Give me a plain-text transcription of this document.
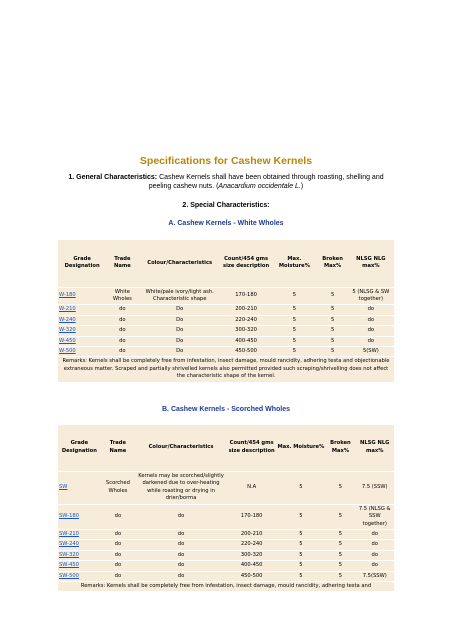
Specifications for Cashew Kernels

1. General Characteristics: Cashew Kernels shall have been obtained through roasting, shelling and peeling cashew nuts. (Anacardium occidentale L.)

2. Special Characteristics:
A. Cashew Kernels - White Wholes
Grade Designation	Trade Name	Colour/Characteristics	Count/454 gms size description	Max. Moisture%	Broken Max%	NLSG NLG max%
W-180	White Wholes	White/pale ivory/light ash. Characteristic shape	170-180	5	5	5 (NLSG & SW together)
W-210	do	Do	200-210	5	5	do
W-240	do	Do	220-240	5	5	do
W-320	do	Do	300-320	5	5	do
W-450	do	Do	400-450	5	5	do
W-500	do	Do	450-500	5	5	5(SW)
Remarks: Kernels shall be completely free from infestation, insect damage, mould rancidity, adhering testa and objectionable extraneous matter. Scraped and partially shrivelled kernels also permitted provided such scraping/shrivelling does not affect the characteristic shape of the kernel.						
B. Cashew Kernels - Scorched Wholes
Grade Designation	Trade Name	Colour/Characteristics	Count/454 gms size description	Max. Moisture%	Broken Max%	NLSG NLG max%
SW	Scorched Wholes	Kernels may be scorched/slightly darkened due to over-heating while roasting or drying in drier/borma	N.A	5	5	7.5 (SSW)
SW-180	do	do	170-180	5	5	7.5 (NLSG & SSW together)
SW-210	do	do	200-210	5	5	do
SW-240	do	do	220-240	5	5	do
SW-320	do	do	300-320	5	5	do
SW-450	do	do	400-450	5	5	do
SW-500	do	do	450-500	5	5	7.5(SSW)
Remarks: Kernels shall be completely free from infestation, insect damage, mould rancidity, adhering testa and						
